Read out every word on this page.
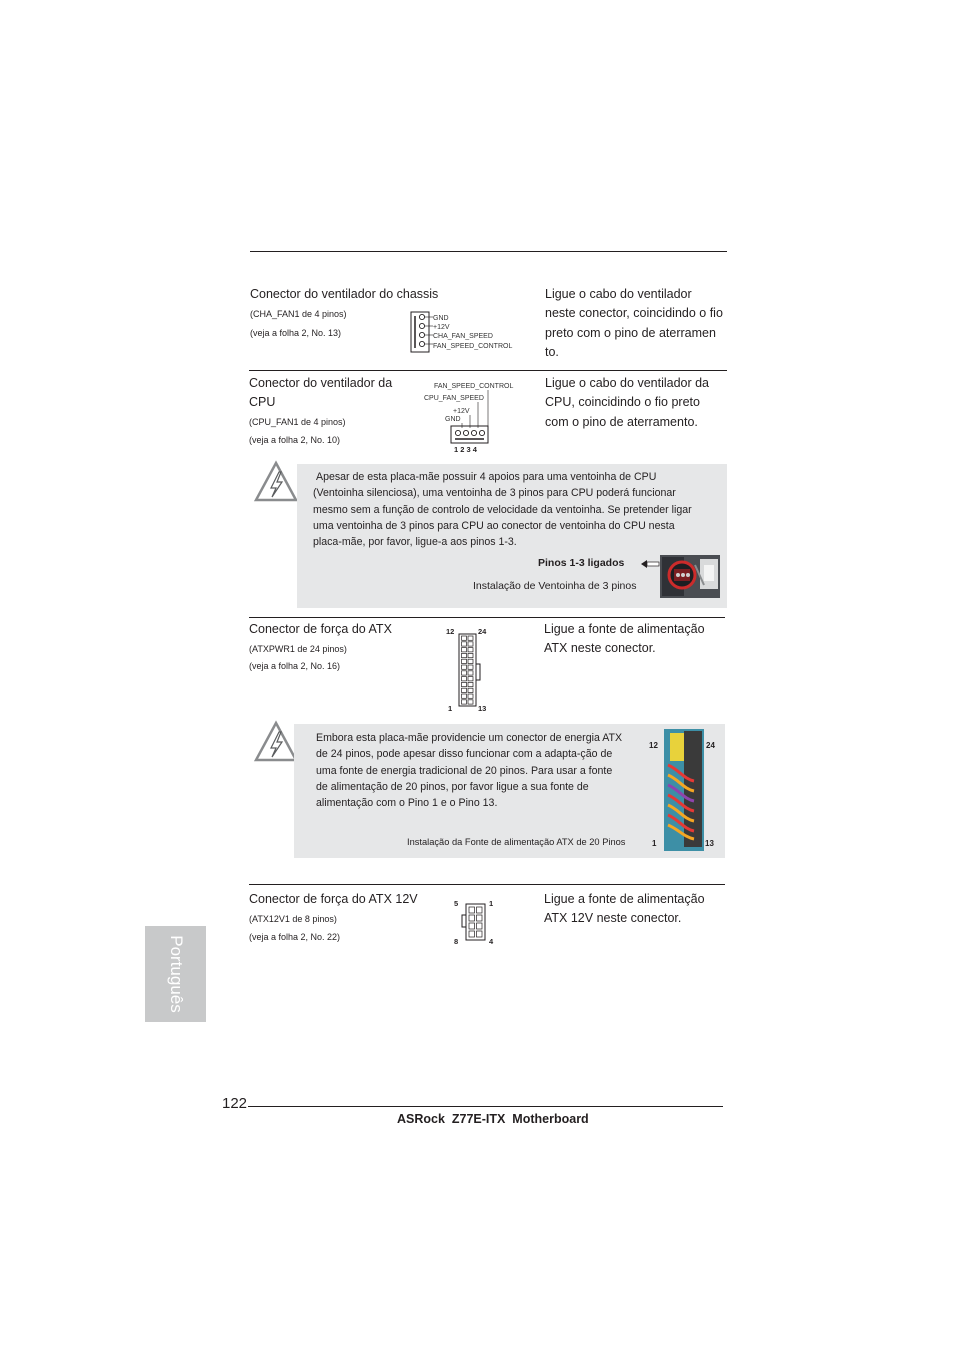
Conector do ventilador do chassis
(CHA_FAN1 de 4 pinos)
(veja a folha 2, No. 13)
GND
+12V
CHA_FAN_SPEED
FAN_SPEED_CONTROL
Ligue o cabo do ventilador
neste conector, coincidindo o fio
preto com o pino de aterramen
to.
Conector do ventilador da
CPU
(CPU_FAN1 de 4 pinos)
(veja a folha 2, No. 10)
FAN_SPEED_CONTROL
CPU_FAN_SPEED
+12V
GND
1 2 3 4
Ligue o cabo do ventilador da
CPU, coincidindo o fio preto
com o pino de aterramento.
Apesar de esta placa-mãe possuir 4 apoios para uma ventoinha de CPU
(Ventoinha silenciosa), uma ventoinha de 3 pinos para CPU poderá funcionar
mesmo sem a função de controlo de velocidade da ventoinha. Se pretender ligar
uma ventoinha de 3 pinos para CPU ao conector de ventoinha do CPU nesta
placa-mãe, por favor, ligue-a aos pinos 1-3.
Pinos 1-3 ligados
Instalação de Ventoinha de 3 pinos
Conector de força do ATX
(ATXPWR1 de 24 pinos)
(veja a folha 2, No. 16)
12	24
1	13
Ligue a fonte de alimentação
ATX neste conector.
Embora esta placa-mãe providencie um conector de energia ATX
de 24 pinos, pode apesar disso funcionar com a adapta-ção de
uma fonte de energia tradicional de 20 pinos. Para usar a fonte
de alimentação de 20 pinos, por favor ligue a sua fonte de
alimentação com o Pino 1 e o Pino 13.
Instalação da Fonte de alimentação ATX de 20 Pinos
12	24
1	13
Conector de força do ATX 12V
(ATX12V1 de 8 pinos)
(veja a folha 2, No. 22)
5	1
8	4
Ligue a fonte de alimentação
ATX 12V neste conector.
Português
122
ASRock  Z77E-ITX  Motherboard
